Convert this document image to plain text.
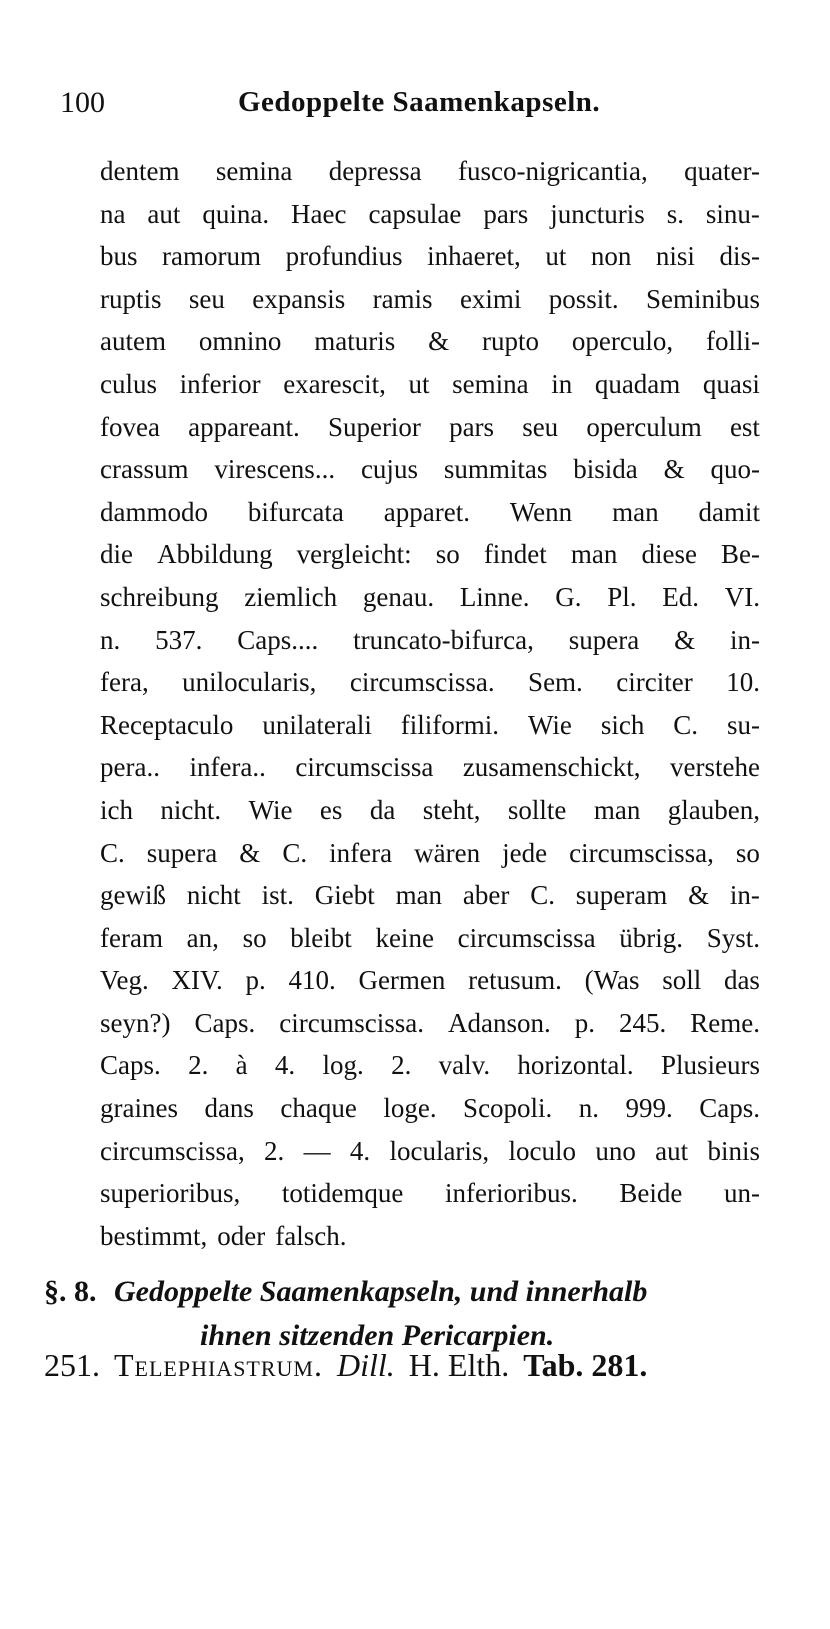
100	Gedoppelte Saamenkapseln.
dentem semina depressa fusco-nigricantia, quater-
na aut quina. Haec capsulae pars juncturis s. sinu-
bus ramorum profundius inhaeret, ut non nisi dis-
ruptis seu expansis ramis eximi possit. Seminibus
autem omnino maturis & rupto operculo, folli-
culus inferior exarescit, ut semina in quadam quasi
fovea appareant. Superior pars seu operculum est
crassum virescens... cujus summitas bisida & quo-
dammodo bifurcata apparet. Wenn man damit
die Abbildung vergleicht: so findet man diese Be-
schreibung ziemlich genau. Linne. G. Pl. Ed. VI.
n. 537. Caps.... truncato-bifurca, supera & in-
fera, unilocularis, circumscissa. Sem. circiter 10.
Receptaculo unilaterali filiformi. Wie sich C. su-
pera.. infera.. circumscissa zusamenschickt, verstehe
ich nicht. Wie es da steht, sollte man glauben,
C. supera & C. infera wären jede circumscissa, so
gewiß nicht ist. Giebt man aber C. superam & in-
feram an, so bleibt keine circumscissa übrig. Syst.
Veg. XIV. p. 410. Germen retusum. (Was soll das
seyn?) Caps. circumscissa. Adanson. p. 245. Reme.
Caps. 2. à 4. log. 2. valv. horizontal. Plusieurs
graines dans chaque loge. Scopoli. n. 999. Caps.
circumscissa, 2. — 4. locularis, loculo uno aut binis
superioribus, totidemque inferioribus. Beide un-
bestimmt, oder falsch.
§. 8. Gedoppelte Saamenkapseln, und innerhalb
ihnen sitzenden Pericarpien.
251. Telephiastrum. Dill. H. Elth. Tab. 281.
